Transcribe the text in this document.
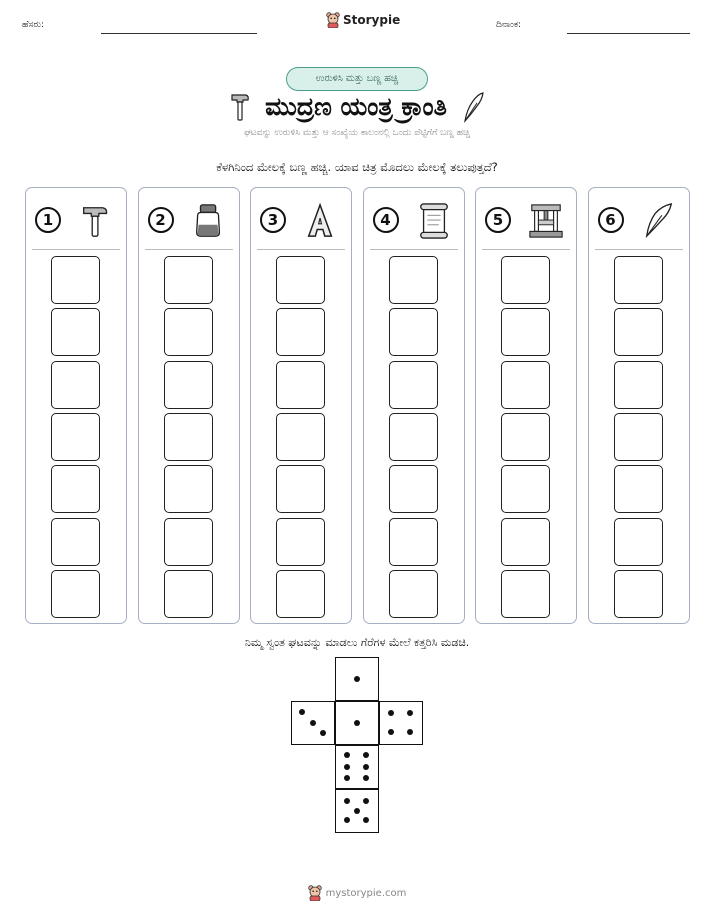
ಹೆಸರು:	Storypie	ದಿನಾಂಕ:
ಉರುಳಿಸಿ ಮತ್ತು ಬಣ್ಣ ಹಚ್ಚಿ
ಮುದ್ರಣ ಯಂತ್ರ ಕ್ರಾಂತಿ
ಘಟವನ್ನು ಉರುಳಿಸಿ ಮತ್ತು ಆ ಸಂಖ್ಯೆಯ ಕಾಲಂನಲ್ಲಿ ಒಂದು ಪೆಟ್ಟಿಗೆಗೆ ಬಣ್ಣ ಹಚ್ಚಿ
ಕೆಳಗಿನಿಂದ ಮೇಲಕ್ಕೆ ಬಣ್ಣ ಹಚ್ಚಿ. ಯಾವ ಚಿತ್ರ ಮೊದಲು ಮೇಲಕ್ಕೆ ತಲುಪುತ್ತದೆ?
1	2	3	4	5	6
ನಿಮ್ಮ ಸ್ವಂತ ಘಟವನ್ನು ಮಾಡಲು ಗೆರೆಗಳ ಮೇಲೆ ಕತ್ತರಿಸಿ ಮಡಚಿ.
mystorypie.com
